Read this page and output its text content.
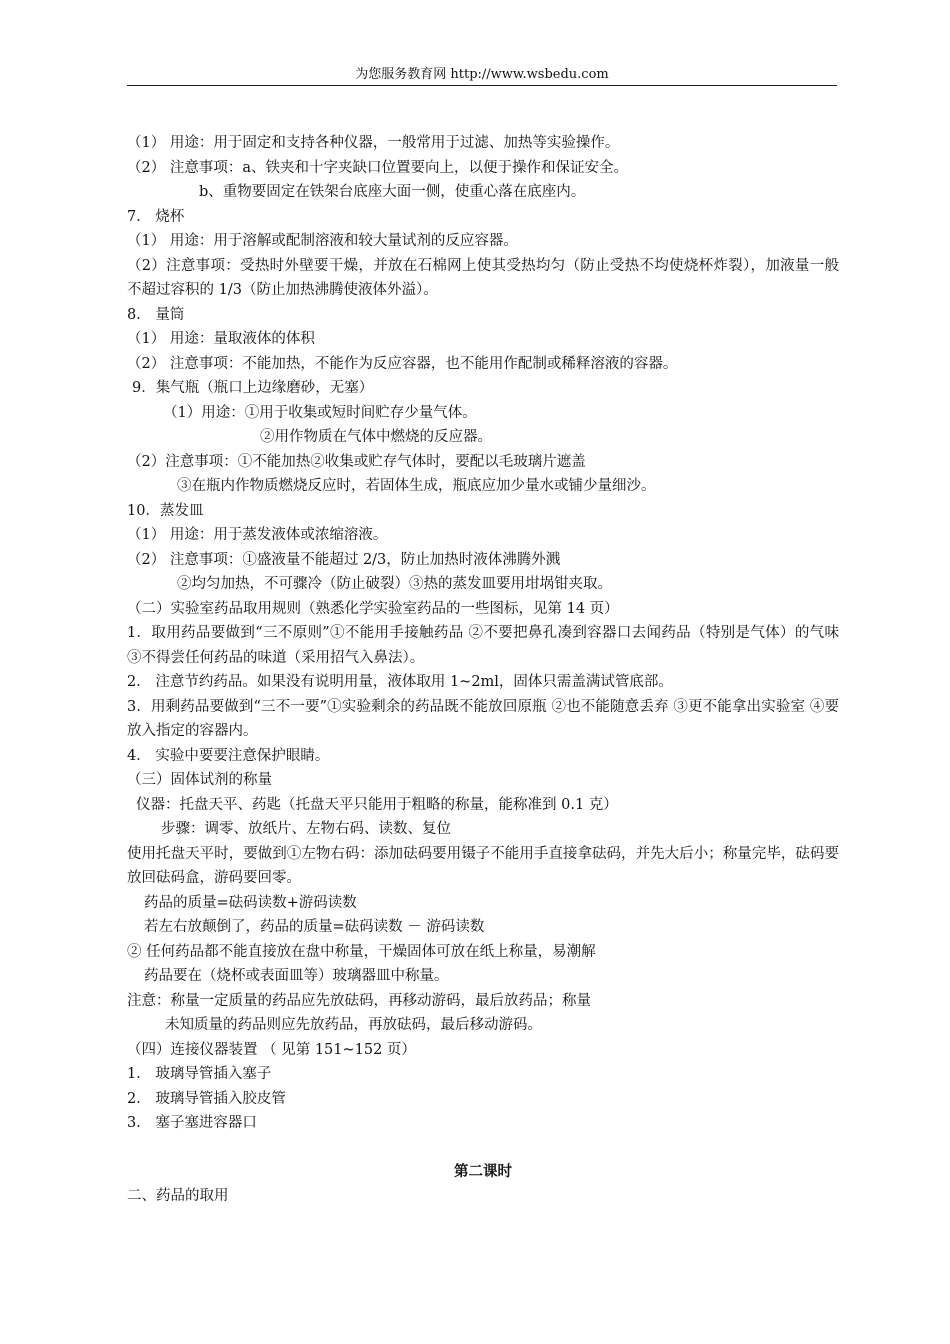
为您服务教育网 http://www.wsbedu.com
（1） 用途：用于固定和支持各种仪器，一般常用于过滤、加热等实验操作。
（2） 注意事项：a、铁夹和十字夹缺口位置要向上，以便于操作和保证安全。
b、重物要固定在铁架台底座大面一侧，使重心落在底座内。
7． 烧杯
（1） 用途：用于溶解或配制溶液和较大量试剂的反应容器。
（2）注意事项：受热时外壁要干燥，并放在石棉网上使其受热均匀（防止受热不均使烧杯炸裂），加液量一般不超过容积的 1/3（防止加热沸腾使液体外溢）。
8． 量筒
（1） 用途：量取液体的体积
（2） 注意事项：不能加热，不能作为反应容器，也不能用作配制或稀释溶液的容器。
9．集气瓶（瓶口上边缘磨砂，无塞）
（1）用途：①用于收集或短时间贮存少量气体。
②用作物质在气体中燃烧的反应器。
（2）注意事项：①不能加热②收集或贮存气体时，要配以毛玻璃片遮盖
③在瓶内作物质燃烧反应时，若固体生成，瓶底应加少量水或铺少量细沙。
10．蒸发皿
（1） 用途：用于蒸发液体或浓缩溶液。
（2） 注意事项：①盛液量不能超过 2/3，防止加热时液体沸腾外溅
②均匀加热，不可骤冷（防止破裂）③热的蒸发皿要用坩埚钳夹取。
（二）实验室药品取用规则（熟悉化学实验室药品的一些图标，见第 14 页）
1．取用药品要做到“三不原则”①不能用手接触药品 ②不要把鼻孔凑到容器口去闻药品（特别是气体）的气味 ③不得尝任何药品的味道（采用招气入鼻法）。
2． 注意节约药品。如果没有说明用量，液体取用 1~2ml，固体只需盖满试管底部。
3．用剩药品要做到“三不一要”①实验剩余的药品既不能放回原瓶 ②也不能随意丢弃 ③更不能拿出实验室 ④要放入指定的容器内。
4． 实验中要要注意保护眼睛。
（三）固体试剂的称量
仪器：托盘天平、药匙（托盘天平只能用于粗略的称量，能称准到 0.1 克）
步骤：调零、放纸片、左物右码、读数、复位
使用托盘天平时，要做到①左物右码：添加砝码要用镊子不能用手直接拿砝码，并先大后小；称量完毕，砝码要放回砝码盒，游码要回零。
药品的质量=砝码读数+游码读数
若左右放颠倒了，药品的质量=砝码读数 － 游码读数
② 任何药品都不能直接放在盘中称量，干燥固体可放在纸上称量，易潮解
药品要在（烧杯或表面皿等）玻璃器皿中称量。
注意：称量一定质量的药品应先放砝码，再移动游码，最后放药品；称量
未知质量的药品则应先放药品，再放砝码，最后移动游码。
（四）连接仪器装置 （ 见第 151~152 页）
1． 玻璃导管插入塞子
2． 玻璃导管插入胶皮管
3． 塞子塞进容器口
第二课时
二、药品的取用
